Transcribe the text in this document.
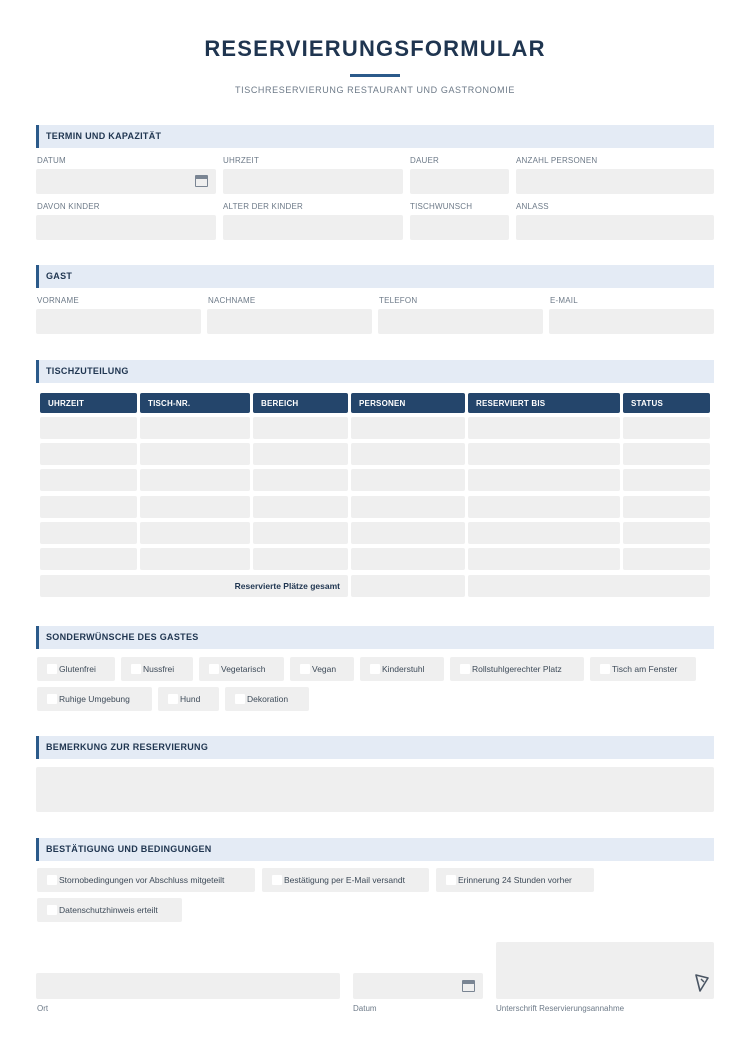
RESERVIERUNGSFORMULAR
TISCHRESERVIERUNG RESTAURANT UND GASTRONOMIE
TERMIN UND KAPAZITÄT
DATUM	UHRZEIT	DAUER	ANZAHL PERSONEN
DAVON KINDER	ALTER DER KINDER	TISCHWUNSCH	ANLASS
GAST
VORNAME	NACHNAME	TELEFON	E-MAIL
TISCHZUTEILUNG
UHRZEIT	TISCH-NR.	BEREICH	PERSONEN	RESERVIERT BIS	STATUS
Reservierte Plätze gesamt
SONDERWÜNSCHE DES GASTES
Glutenfrei	Nussfrei	Vegetarisch	Vegan	Kinderstuhl	Rollstuhlgerechter Platz	Tisch am Fenster
Ruhige Umgebung	Hund	Dekoration
BEMERKUNG ZUR RESERVIERUNG
BESTÄTIGUNG UND BEDINGUNGEN
Stornobedingungen vor Abschluss mitgeteilt	Bestätigung per E-Mail versandt	Erinnerung 24 Stunden vorher
Datenschutzhinweis erteilt
Ort	Datum	Unterschrift Reservierungsannahme
